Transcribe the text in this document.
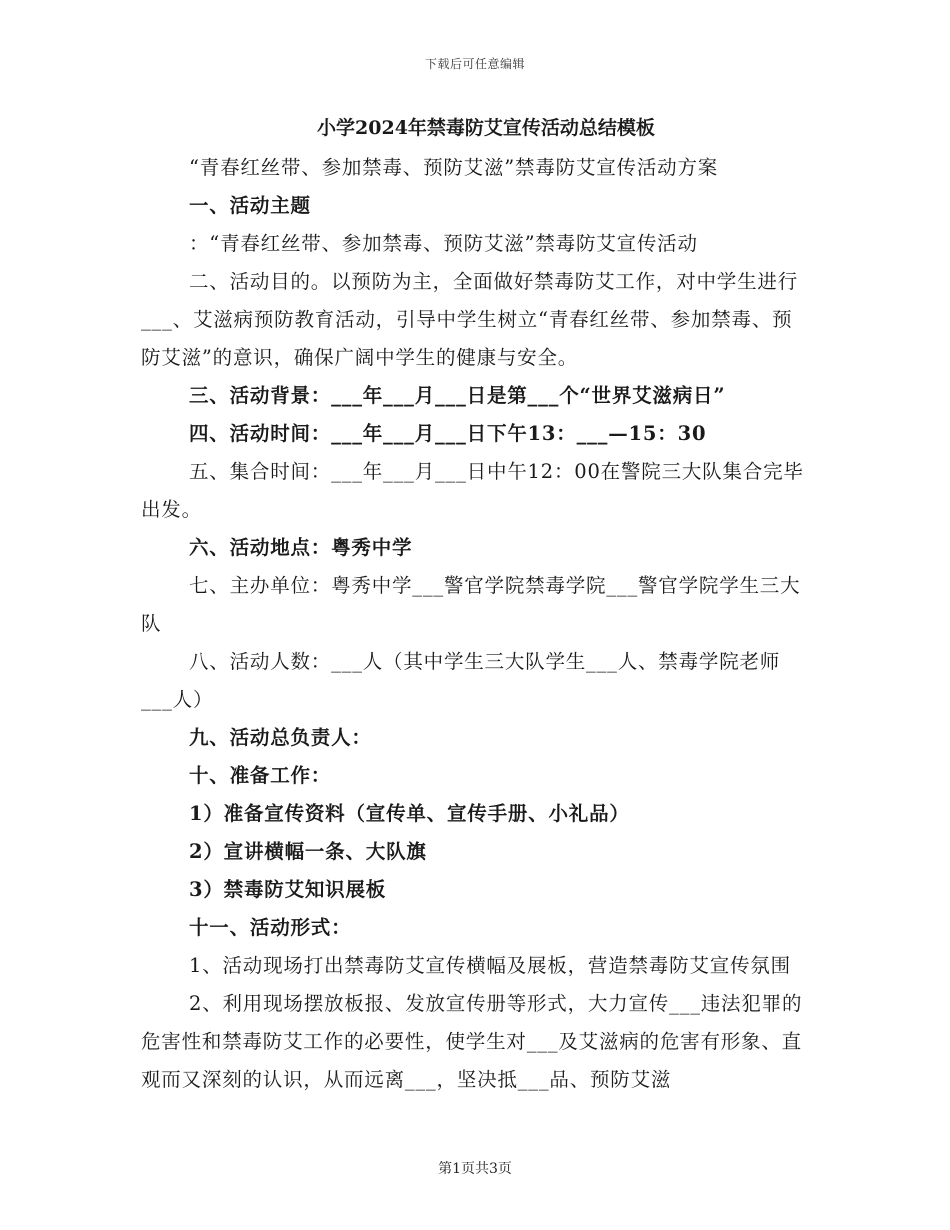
下载后可任意编辑
小学2024年禁毒防艾宣传活动总结模板

“青春红丝带、参加禁毒、预防艾滋”禁毒防艾宣传活动方案

一、活动主题

：“青春红丝带、参加禁毒、预防艾滋”禁毒防艾宣传活动

二、活动目的。以预防为主，全面做好禁毒防艾工作，对中学生进行___、艾滋病预防教育活动，引导中学生树立“青春红丝带、参加禁毒、预防艾滋”的意识，确保广阔中学生的健康与安全。

三、活动背景：___年___月___日是第___个“世界艾滋病日”

四、活动时间：___年___月___日下午13：___—15：30

五、集合时间：___年___月___日中午12：00在警院三大队集合完毕出发。

六、活动地点：粤秀中学

七、主办单位：粤秀中学___警官学院禁毒学院___警官学院学生三大队

八、活动人数：___人（其中学生三大队学生___人、禁毒学院老师___人）

九、活动总负责人：

十、准备工作：

1）准备宣传资料（宣传单、宣传手册、小礼品）

2）宣讲横幅一条、大队旗

3）禁毒防艾知识展板

十一、活动形式：

1、活动现场打出禁毒防艾宣传横幅及展板，营造禁毒防艾宣传氛围

2、利用现场摆放板报、发放宣传册等形式，大力宣传___违法犯罪的危害性和禁毒防艾工作的必要性，使学生对___及艾滋病的危害有形象、直观而又深刻的认识，从而远离___，坚决抵___品、预防艾滋

第1页共3页
